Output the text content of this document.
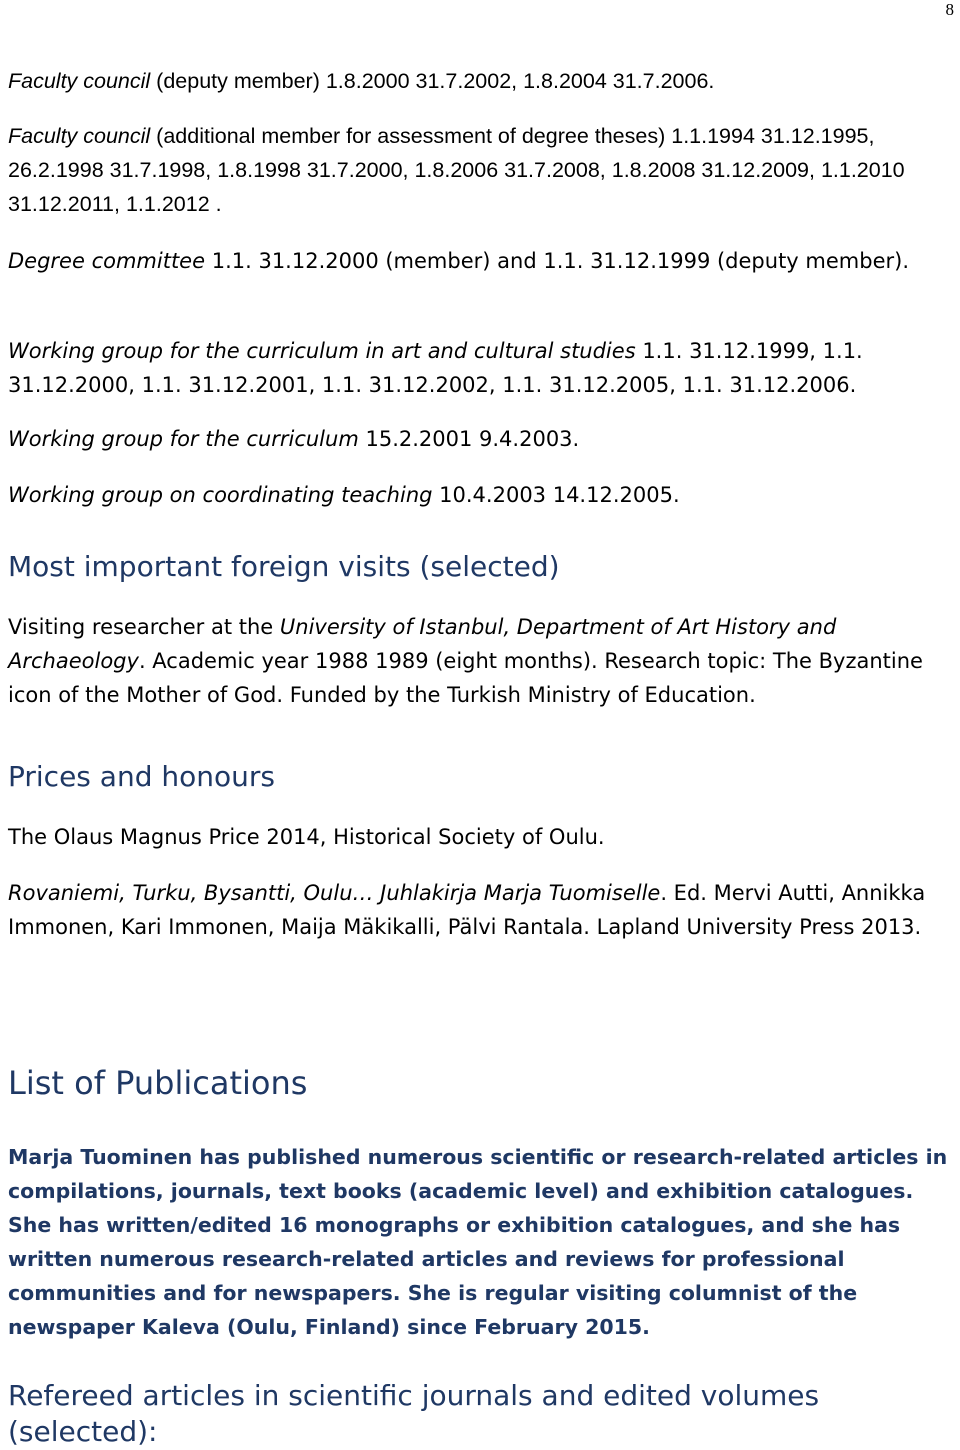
8

Faculty council (deputy member) 1.8.2000 31.7.2002, 1.8.2004 31.7.2006.

Faculty council (additional member for assessment of degree theses) 1.1.1994 31.12.1995, 26.2.1998 31.7.1998, 1.8.1998 31.7.2000, 1.8.2006 31.7.2008, 1.8.2008 31.12.2009, 1.1.2010 31.12.2011, 1.1.2012 .

Degree committee 1.1. 31.12.2000 (member) and 1.1. 31.12.1999 (deputy member).

Working group for the curriculum in art and cultural studies 1.1. 31.12.1999, 1.1. 31.12.2000, 1.1. 31.12.2001, 1.1. 31.12.2002, 1.1. 31.12.2005, 1.1. 31.12.2006.

Working group for the curriculum 15.2.2001 9.4.2003.

Working group on coordinating teaching 10.4.2003 14.12.2005.

Most important foreign visits (selected)

Visiting researcher at the University of Istanbul, Department of Art History and Archaeology. Academic year 1988 1989 (eight months). Research topic: The Byzantine icon of the Mother of God. Funded by the Turkish Ministry of Education.

Prices and honours

The Olaus Magnus Price 2014, Historical Society of Oulu.

Rovaniemi, Turku, Bysantti, Oulu… Juhlakirja Marja Tuomiselle. Ed. Mervi Autti, Annikka Immonen, Kari Immonen, Maija Mäkikalli, Pälvi Rantala. Lapland University Press 2013.

List of Publications

Marja Tuominen has published numerous scientific or research-related articles in compilations, journals, text books (academic level) and exhibition catalogues. She has written/edited 16 monographs or exhibition catalogues, and she has written numerous research-related articles and reviews for professional communities and for newspapers. She is regular visiting columnist of the newspaper Kaleva (Oulu, Finland) since February 2015.

Refereed articles in scientific journals and edited volumes (selected):
